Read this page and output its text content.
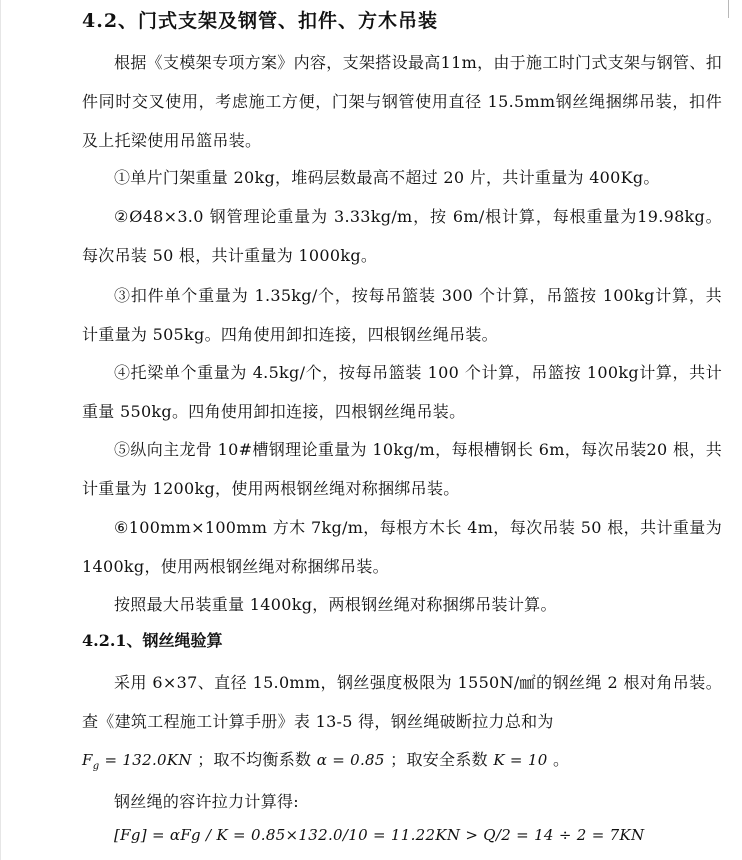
4.2、门式支架及钢管、扣件、方木吊装
根据《支模架专项方案》内容，支架搭设最高11m，由于施工时门式支架与钢管、扣件同时交叉使用，考虑施工方便，门架与钢管使用直径 15.5mm钢丝绳捆绑吊装，扣件及上托梁使用吊篮吊装。
①单片门架重量 20kg，堆码层数最高不超过 20 片，共计重量为 400Kg。
②Ø48×3.0 钢管理论重量为 3.33kg/m，按 6m/根计算，每根重量为19.98kg。每次吊装 50 根，共计重量为 1000kg。
③扣件单个重量为 1.35kg/个，按每吊篮装 300 个计算，吊篮按 100kg计算，共计重量为 505kg。四角使用卸扣连接，四根钢丝绳吊装。
④托梁单个重量为 4.5kg/个，按每吊篮装 100 个计算，吊篮按 100kg计算，共计重量 550kg。四角使用卸扣连接，四根钢丝绳吊装。
⑤纵向主龙骨 10#槽钢理论重量为 10kg/m，每根槽钢长 6m，每次吊装20 根，共计重量为 1200kg，使用两根钢丝绳对称捆绑吊装。
⑥100mm×100mm 方木 7kg/m，每根方木长 4m，每次吊装 50 根，共计重量为 1400kg，使用两根钢丝绳对称捆绑吊装。
按照最大吊装重量 1400kg，两根钢丝绳对称捆绑吊装计算。
4.2.1、钢丝绳验算
采用 6×37、直径 15.0mm，钢丝强度极限为 1550N/㎟的钢丝绳 2 根对角吊装。查《建筑工程施工计算手册》表 13-5 得，钢丝绳破断拉力总和为
$F_g = 132.0KN$ ；取不均衡系数 α = 0.85 ；取安全系数 K = 10 。
钢丝绳的容许拉力计算得:
[Fg] = αFg / K = 0.85×132.0/10 = 11.22KN > Q/2 = 14 ÷ 2 = 7KN
